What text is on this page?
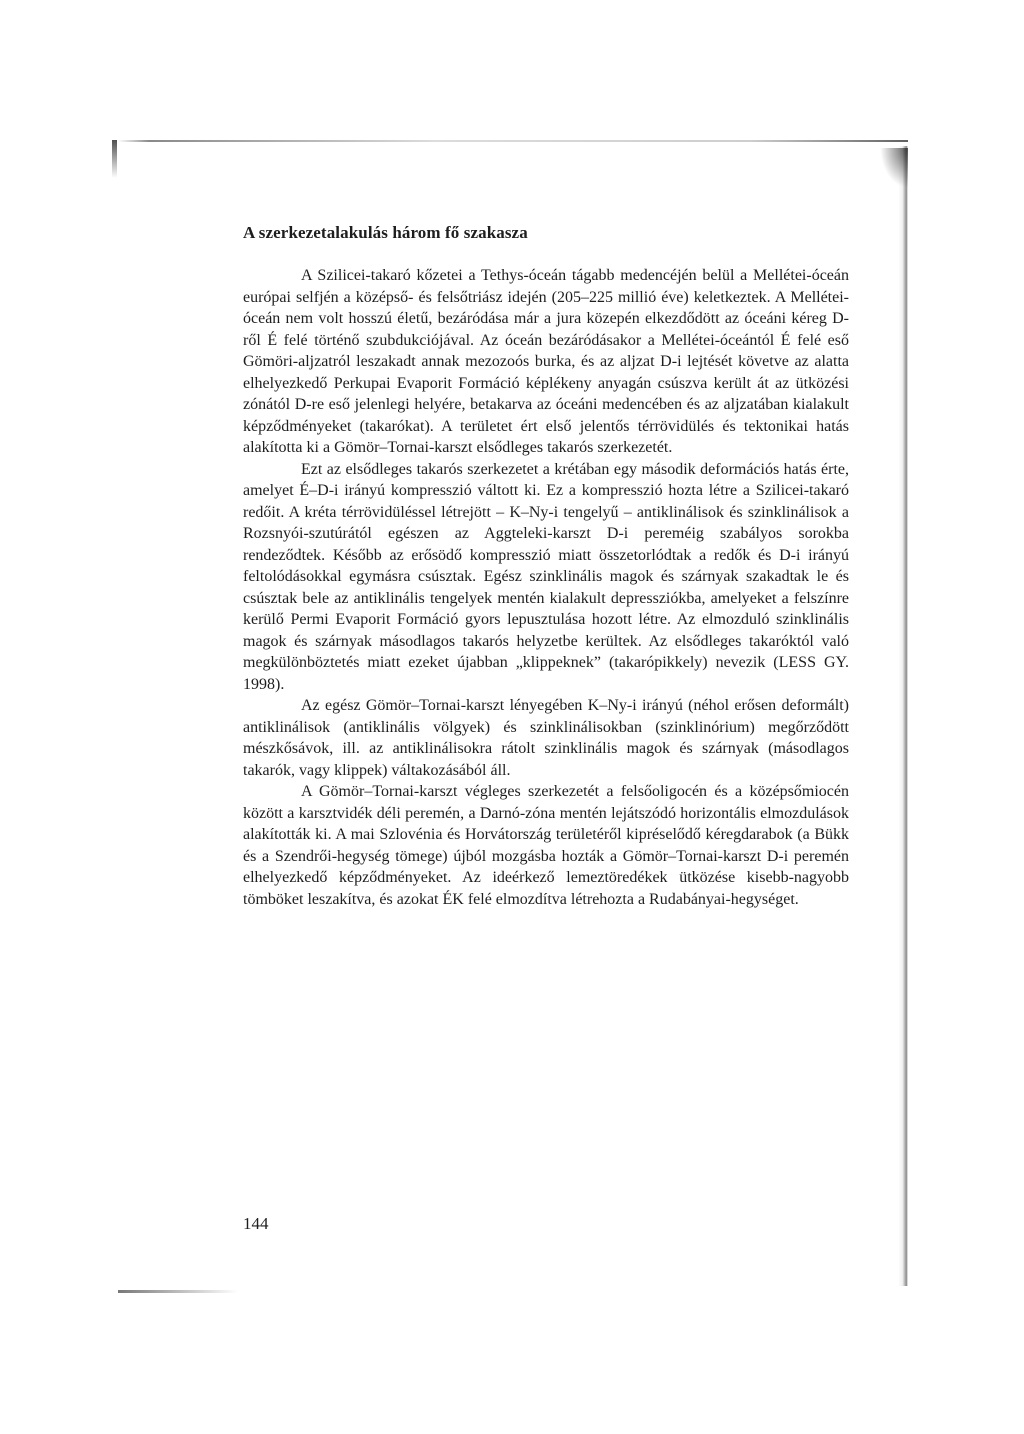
A szerkezetalakulás három fő szakasza

A Szilicei-takaró kőzetei a Tethys-óceán tágabb medencéjén belül a Mellétei-óceán európai selfjén a középső- és felsőtriász idején (205–225 millió éve) keletkeztek. A Mellétei-óceán nem volt hosszú életű, bezáródása már a jura közepén elkezdődött az óceáni kéreg D-ről É felé történő szubdukciójával. Az óceán bezáródásakor a Mellétei-óceántól É felé eső Gömöri-aljzatról leszakadt annak mezozoós burka, és az aljzat D-i lejtését követve az alatta elhelyezkedő Perkupai Evaporit Formáció képlékeny anyagán csúszva került át az ütközési zónától D-re eső jelenlegi helyére, betakarva az óceáni medencében és az aljzatában kialakult képződményeket (takarókat). A területet ért első jelentős térrövidülés és tektonikai hatás alakította ki a Gömör–Tornai-karszt elsődleges takarós szerkezetét.

Ezt az elsődleges takarós szerkezetet a krétában egy második deformációs hatás érte, amelyet É–D-i irányú kompresszió váltott ki. Ez a kompresszió hozta létre a Szilicei-takaró redőit. A kréta térrövidüléssel létrejött – K–Ny-i tengelyű – antiklinálisok és szinklinálisok a Rozsnyói-szutúrától egészen az Aggteleki-karszt D-i pereméig szabályos sorokba rendeződtek. Később az erősödő kompresszió miatt összetorlódtak a redők és D-i irányú feltolódásokkal egymásra csúsztak. Egész szinklinális magok és szárnyak szakadtak le és csúsztak bele az antiklinális tengelyek mentén kialakult depressziókba, amelyeket a felszínre kerülő Permi Evaporit Formáció gyors lepusztulása hozott létre. Az elmozduló szinklinális magok és szárnyak másodlagos takarós helyzetbe kerültek. Az elsődleges takaróktól való megkülönböztetés miatt ezeket újabban „klippeknek” (takarópikkely) nevezik (LESS GY. 1998).

Az egész Gömör–Tornai-karszt lényegében K–Ny-i irányú (néhol erősen deformált) antiklinálisok (antiklinális völgyek) és szinklinálisokban (szinklinórium) megőrződött mészkősávok, ill. az antiklinálisokra rátolt szinklinális magok és szárnyak (másodlagos takarók, vagy klippek) váltakozásából áll.

A Gömör–Tornai-karszt végleges szerkezetét a felsőoligocén és a középsőmiocén között a karsztvidék déli peremén, a Darnó-zóna mentén lejátszódó horizontális elmozdulások alakították ki. A mai Szlovénia és Horvátország területéről kipréselődő kéregdarabok (a Bükk és a Szendrői-hegység tömege) újból mozgásba hozták a Gömör–Tornai-karszt D-i peremén elhelyezkedő képződményeket. Az ideérkező lemeztöredékek ütközése kisebb-nagyobb tömböket leszakítva, és azokat ÉK felé elmozdítva létrehozta a Rudabányai-hegységet.

144
